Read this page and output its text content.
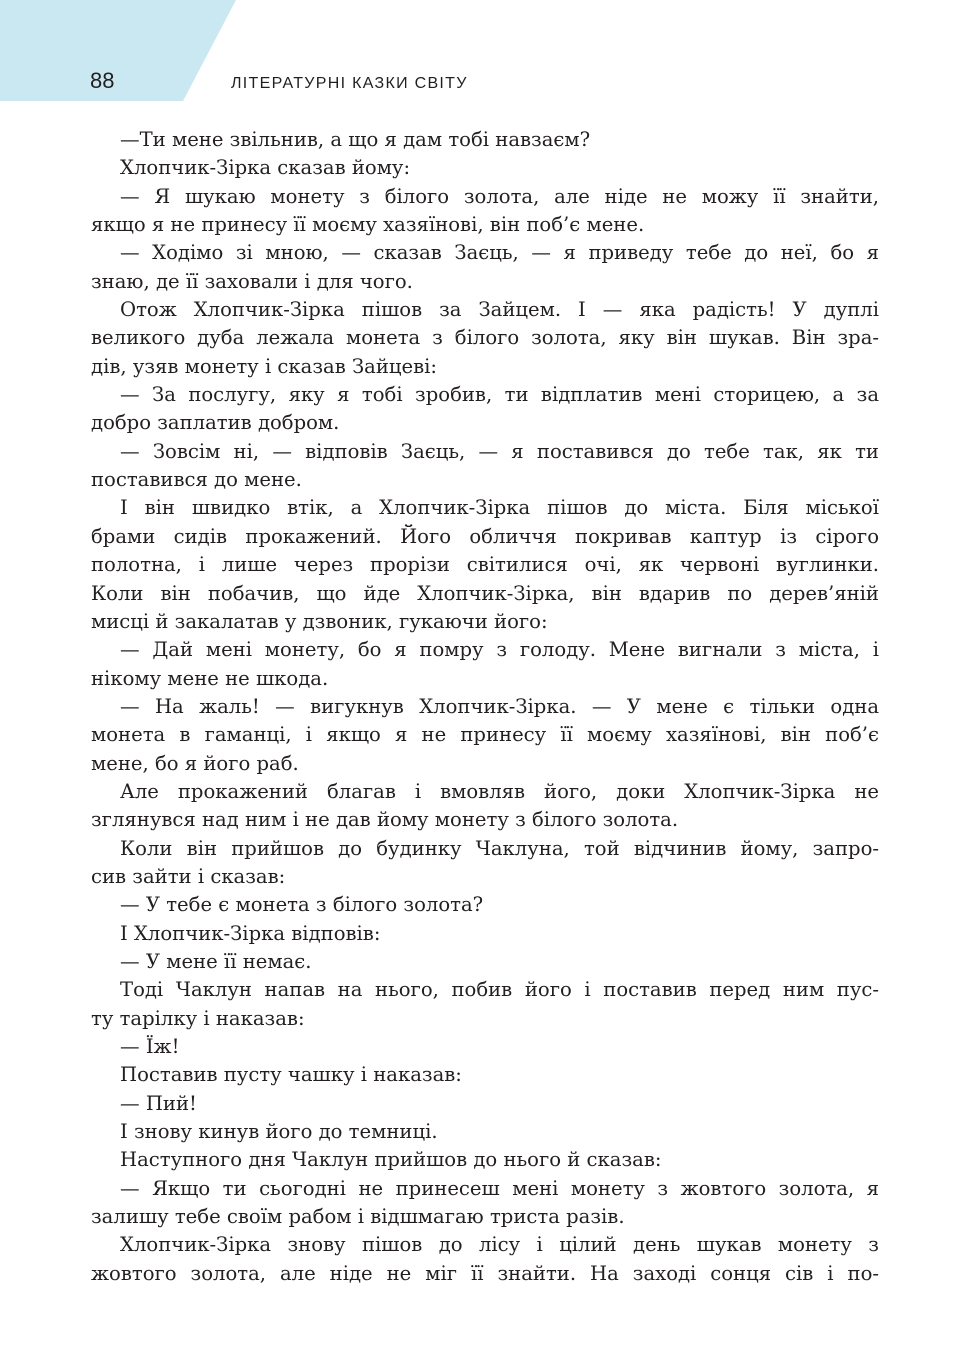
88	ЛІТЕРАТУРНІ КАЗКИ СВІТУ
—Ти мене звільнив, а що я дам тобі навзаєм?
Хлопчик-Зірка сказав йому:
— Я шукаю монету з білого золота, але ніде не можу її знайти,
якщо я не принесу її моєму хазяїнові, він поб’є мене.
— Ходімо зі мною, — сказав Заєць, — я приведу тебе до неї, бо я
знаю, де її заховали і для чого.
Отож Хлопчик-Зірка пішов за Зайцем. І — яка радість! У дуплі
великого дуба лежала монета з білого золота, яку він шукав. Він зра-
дів, узяв монету і сказав Зайцеві:
— За послугу, яку я тобі зробив, ти відплатив мені сторицею, а за
добро заплатив добром.
— Зовсім ні, — відповів Заєць, — я поставився до тебе так, як ти
поставився до мене.
І він швидко втік, а Хлопчик-Зірка пішов до міста. Біля міської
брами сидів прокажений. Його обличчя покривав каптур із сірого
полотна, і лише через прорізи світилися очі, як червоні вуглинки.
Коли він побачив, що йде Хлопчик-Зірка, він вдарив по дерев’яній
мисці й закалатав у дзвоник, гукаючи його:
— Дай мені монету, бо я помру з голоду. Мене вигнали з міста, і
нікому мене не шкода.
— На жаль! — вигукнув Хлопчик-Зірка. — У мене є тільки одна
монета в гаманці, і якщо я не принесу її моєму хазяїнові, він поб’є
мене, бо я його раб.
Але прокажений благав і вмовляв його, доки Хлопчик-Зірка не
зглянувся над ним і не дав йому монету з білого золота.
Коли він прийшов до будинку Чаклуна, той відчинив йому, запро-
сив зайти і сказав:
— У тебе є монета з білого золота?
І Хлопчик-Зірка відповів:
— У мене її немає.
Тоді Чаклун напав на нього, побив його і поставив перед ним пус-
ту тарілку і наказав:
— Їж!
Поставив пусту чашку і наказав:
— Пий!
І знову кинув його до темниці.
Наступного дня Чаклун прийшов до нього й сказав:
— Якщо ти сьогодні не принесеш мені монету з жовтого золота, я
залишу тебе своїм рабом і відшмагаю триста разів.
Хлопчик-Зірка знову пішов до лісу і цілий день шукав монету з
жовтого золота, але ніде не міг її знайти. На заході сонця сів і по-
